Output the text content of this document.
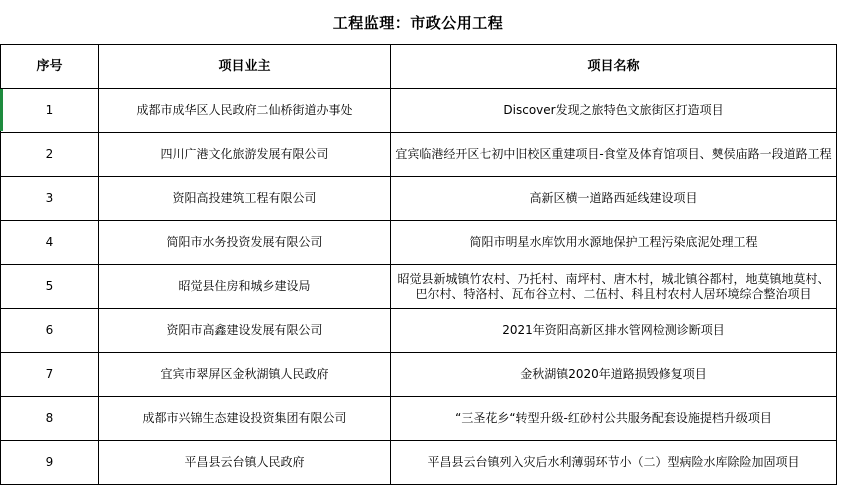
工程监理：市政公用工程
序号	项目业主	项目名称
1	成都市成华区人民政府二仙桥街道办事处	Discover发现之旅特色文旅街区打造项目
2	四川广港文化旅游发展有限公司	宜宾临港经开区七初中旧校区重建项目-食堂及体育馆项目、僰侯庙路一段道路工程

3	资阳高投建筑工程有限公司	高新区横一道路西延线建设项目
4	简阳市水务投资发展有限公司	简阳市明星水库饮用水源地保护工程污染底泥处理工程
5	昭觉县住房和城乡建设局	昭觉县新城镇竹农村、乃托村、南坪村、唐木村，城北镇谷都村，地莫镇地莫村、巴尔村、特洛村、瓦布谷立村、二伍村、科且村农村人居环境综合整治项目

6	资阳市高鑫建设发展有限公司	2021年资阳高新区排水管网检测诊断项目
7	宜宾市翠屏区金秋湖镇人民政府	金秋湖镇2020年道路损毁修复项目
8	成都市兴锦生态建设投资集团有限公司	“三圣花乡“转型升级-红砂村公共服务配套设施提档升级项目
9	平昌县云台镇人民政府	平昌县云台镇列入灾后水利薄弱环节小（二）型病险水库除险加固项目
